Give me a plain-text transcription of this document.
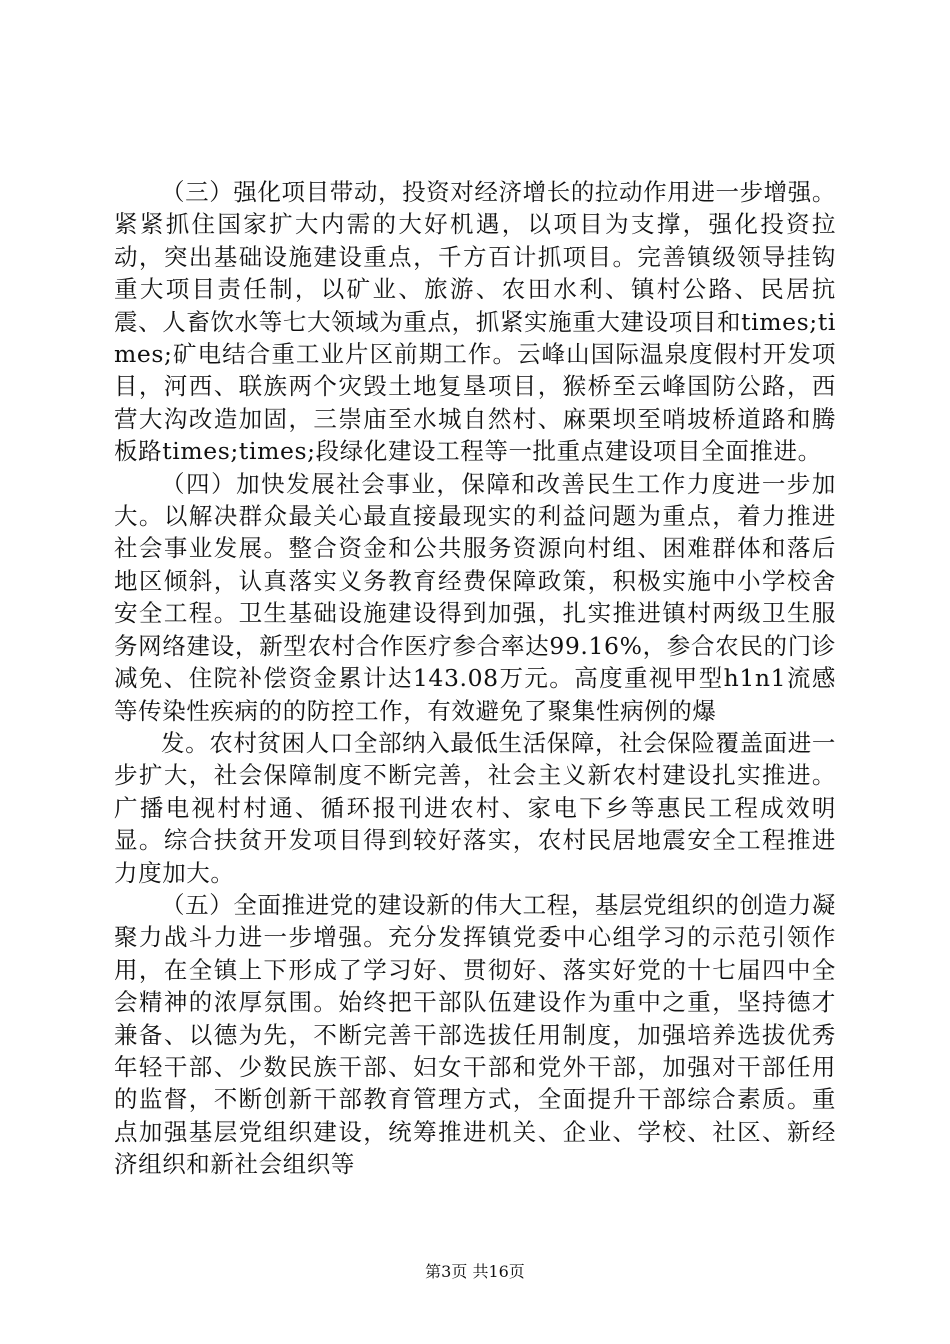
（三）强化项目带动，投资对经济增长的拉动作用进一步增强。紧紧抓住国家扩大内需的大好机遇，以项目为支撑，强化投资拉动，突出基础设施建设重点，千方百计抓项目。完善镇级领导挂钩重大项目责任制，以矿业、旅游、农田水利、镇村公路、民居抗震、人畜饮水等七大领域为重点，抓紧实施重大建设项目和times;times;矿电结合重工业片区前期工作。云峰山国际温泉度假村开发项目，河西、联族两个灾毁土地复垦项目，猴桥至云峰国防公路，西营大沟改造加固，三崇庙至水城自然村、麻栗坝至哨坡桥道路和腾板路times;times;段绿化建设工程等一批重点建设项目全面推进。

（四）加快发展社会事业，保障和改善民生工作力度进一步加大。以解决群众最关心最直接最现实的利益问题为重点，着力推进社会事业发展。整合资金和公共服务资源向村组、困难群体和落后地区倾斜，认真落实义务教育经费保障政策，积极实施中小学校舍安全工程。卫生基础设施建设得到加强，扎实推进镇村两级卫生服务网络建设，新型农村合作医疗参合率达99.16%，参合农民的门诊减免、住院补偿资金累计达143.08万元。高度重视甲型h1n1流感等传染性疾病的的防控工作，有效避免了聚集性病例的爆

发。农村贫困人口全部纳入最低生活保障，社会保险覆盖面进一步扩大，社会保障制度不断完善，社会主义新农村建设扎实推进。广播电视村村通、循环报刊进农村、家电下乡等惠民工程成效明显。综合扶贫开发项目得到较好落实，农村民居地震安全工程推进力度加大。

（五）全面推进党的建设新的伟大工程，基层党组织的创造力凝聚力战斗力进一步增强。充分发挥镇党委中心组学习的示范引领作用，在全镇上下形成了学习好、贯彻好、落实好党的十七届四中全会精神的浓厚氛围。始终把干部队伍建设作为重中之重，坚持德才兼备、以德为先，不断完善干部选拔任用制度，加强培养选拔优秀年轻干部、少数民族干部、妇女干部和党外干部，加强对干部任用的监督，不断创新干部教育管理方式，全面提升干部综合素质。重点加强基层党组织建设，统筹推进机关、企业、学校、社区、新经济组织和新社会组织等

第3页 共16页
